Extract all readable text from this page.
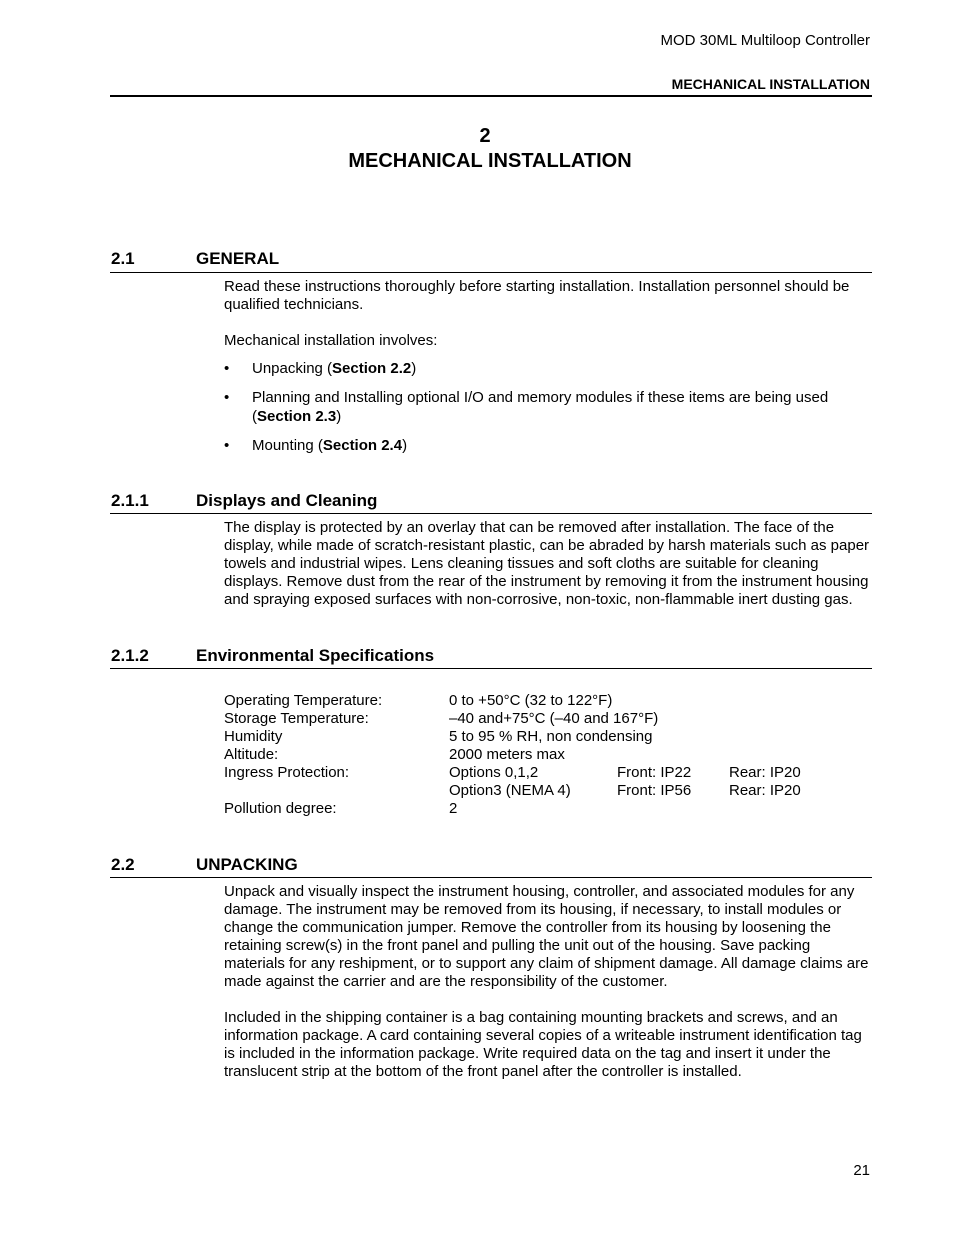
MOD 30ML Multiloop Controller
MECHANICAL INSTALLATION
2
MECHANICAL INSTALLATION
2.1	GENERAL

Read these instructions thoroughly before starting installation. Installation personnel should be qualified technicians.

Mechanical installation involves:

• Unpacking (Section 2.2)
• Planning and Installing optional I/O and memory modules if these items are being used (Section 2.3)
• Mounting (Section 2.4)
2.1.1	Displays and Cleaning

The display is protected by an overlay that can be removed after installation. The face of the display, while made of scratch-resistant plastic, can be abraded by harsh materials such as paper towels and industrial wipes. Lens cleaning tissues and soft cloths are suitable for cleaning displays. Remove dust from the rear of the instrument by removing it from the instrument housing and spraying exposed surfaces with non-corrosive, non-toxic, non-flammable inert dusting gas.

2.1.2	Environmental Specifications
Operating Temperature:	0 to +50°C (32 to 122°F)
Storage Temperature:	–40 and+75°C (–40 and 167°F)
Humidity	5 to 95 % RH, non condensing
Altitude:	2000 meters max
Ingress Protection:	Options 0,1,2	Front: IP22	Rear: IP20
Option3 (NEMA 4)	Front: IP56	Rear: IP20
Pollution degree:	2
2.2	UNPACKING

Unpack and visually inspect the instrument housing, controller, and associated modules for any damage. The instrument may be removed from its housing, if necessary, to install modules or change the communication jumper. Remove the controller from its housing by loosening the retaining screw(s) in the front panel and pulling the unit out of the housing. Save packing materials for any reshipment, or to support any claim of shipment damage. All damage claims are made against the carrier and are the responsibility of the customer.

Included in the shipping container is a bag containing mounting brackets and screws, and an information package. A card containing several copies of a writeable instrument identification tag is included in the information package. Write required data on the tag and insert it under the translucent strip at the bottom of the front panel after the controller is installed.

21
